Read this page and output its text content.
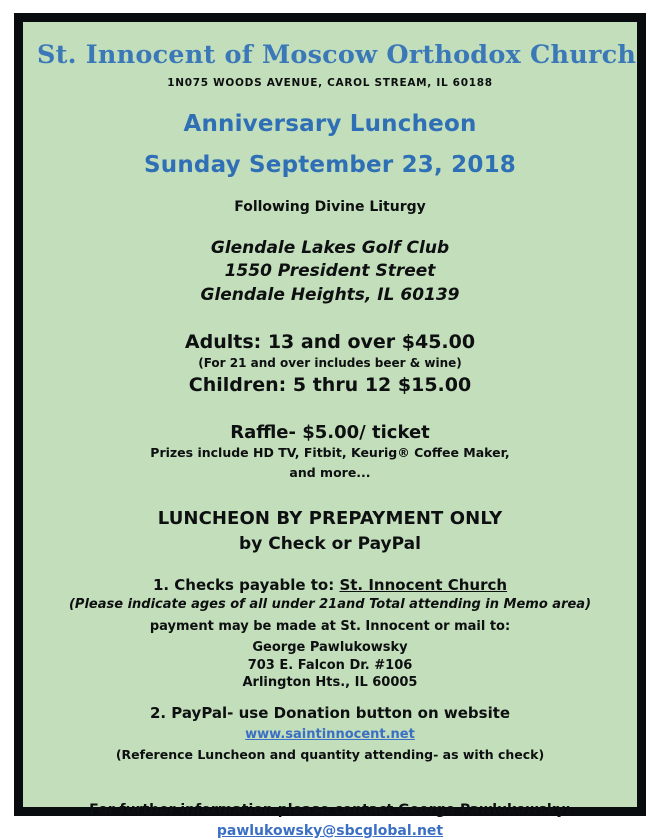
St. Innocent of Moscow Orthodox Church

1N075 WOODS AVENUE, CAROL STREAM, IL 60188

Anniversary Luncheon
Sunday September 23, 2018

Following Divine Liturgy

Glendale Lakes Golf Club

1550 President Street

Glendale Heights, IL 60139

Adults: 13 and over $45.00

(For 21 and over includes beer & wine)

Children: 5 thru 12 $15.00

Raffle- $5.00/ ticket

Prizes include HD TV, Fitbit, Keurig® Coffee Maker,

and more...

LUNCHEON BY PREPAYMENT ONLY

by Check or PayPal

1. Checks payable to: St. Innocent Church

(Please indicate ages of all under 21and Total attending in Memo area)

payment may be made at St. Innocent or mail to:

George Pawlukowsky

703 E. Falcon Dr. #106

Arlington Hts., IL 60005

2. PayPal- use Donation button on website

www.saintinnocent.net

(Reference Luncheon and quantity attending- as with check)

For further information please contact George Pawlukowsky:

pawlukowsky@sbcglobal.net
